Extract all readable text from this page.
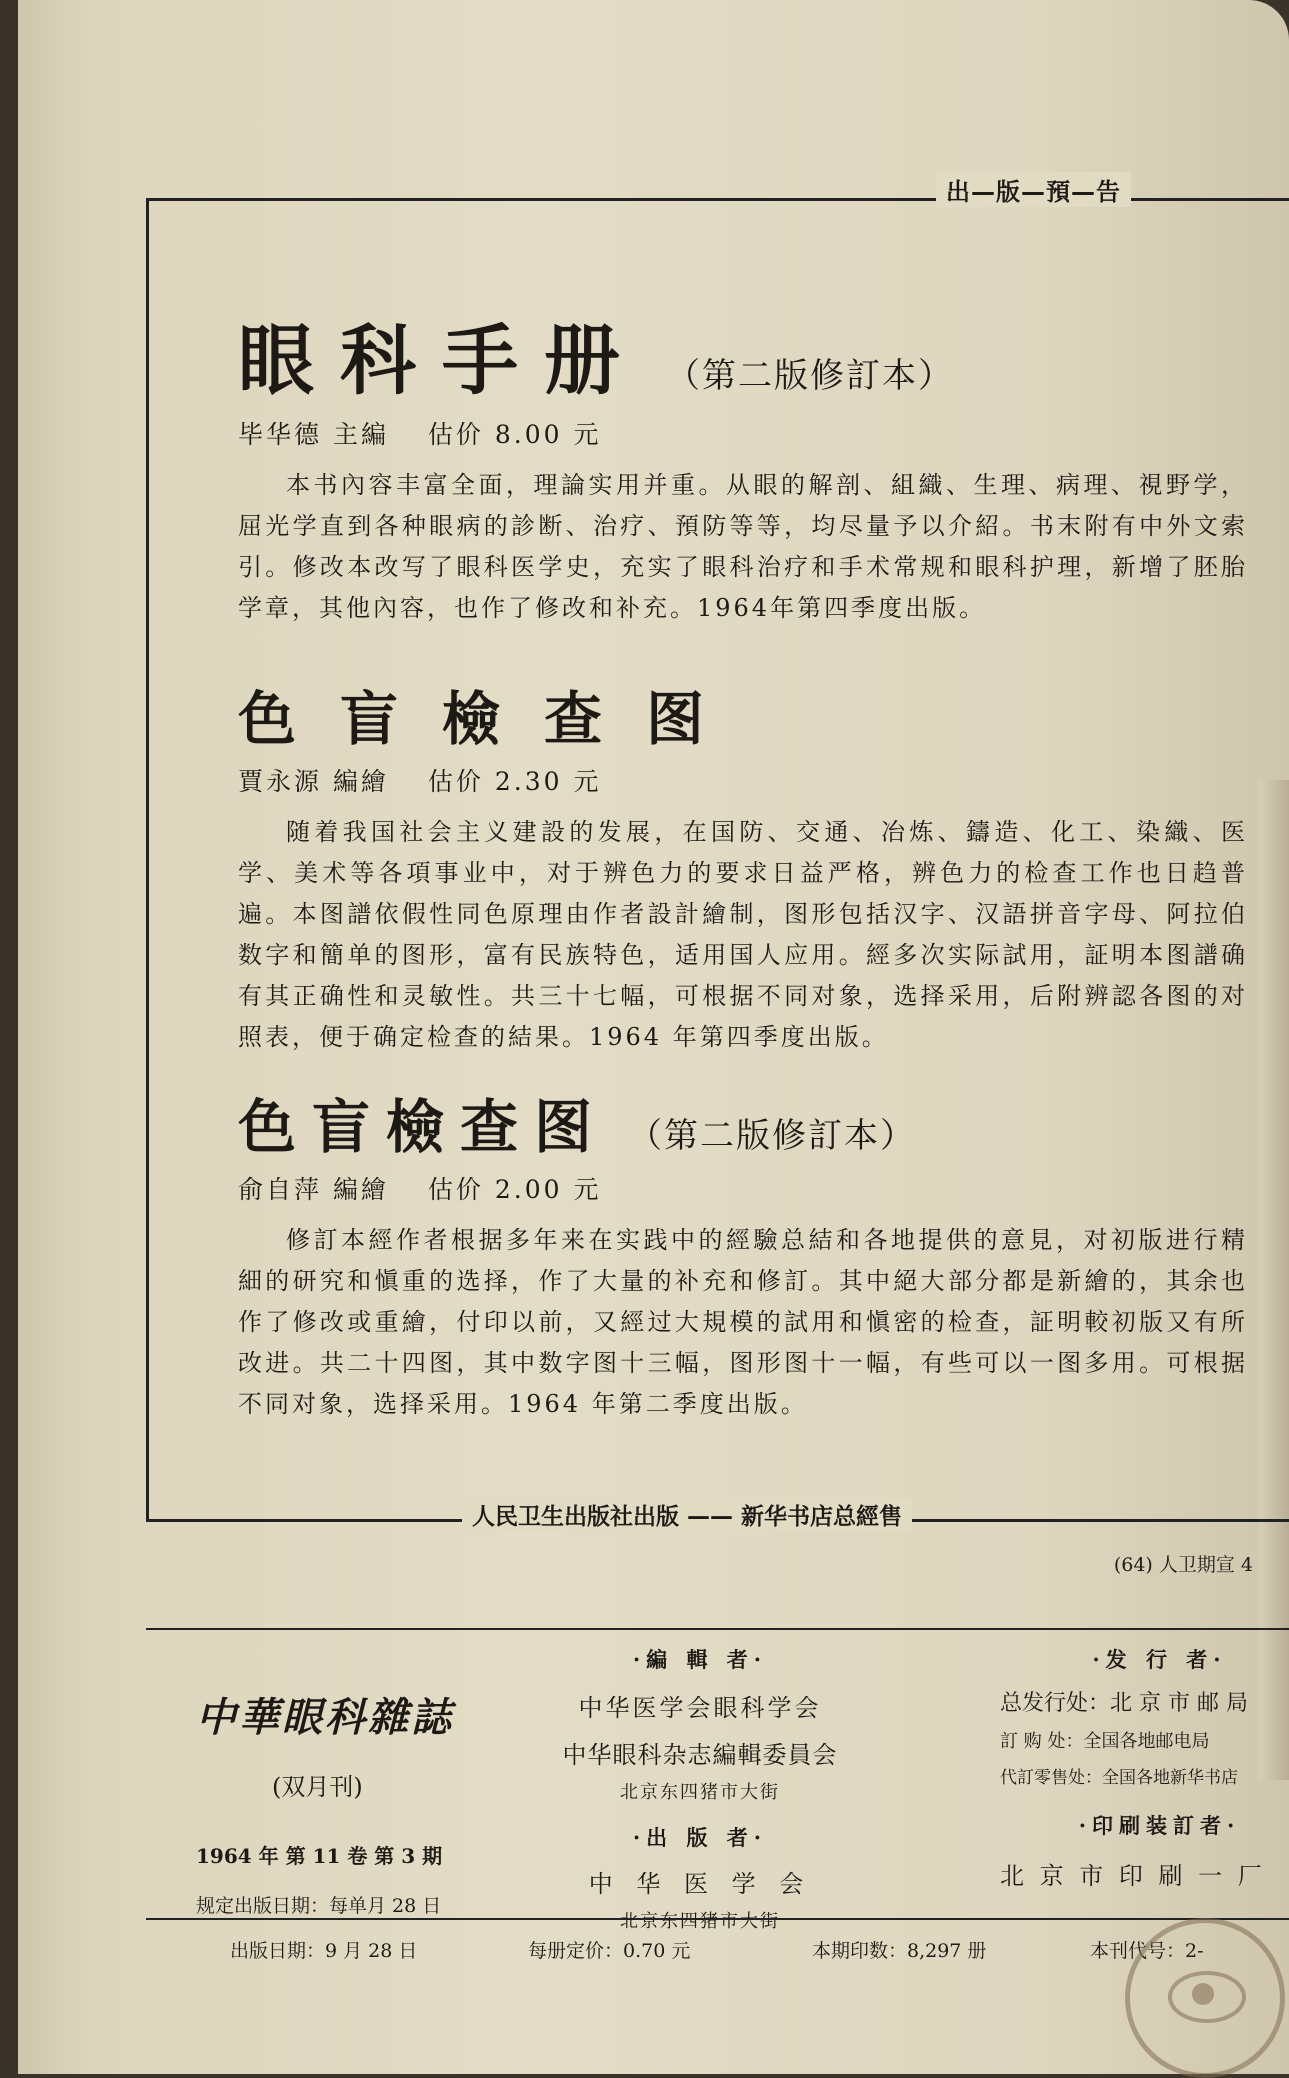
出—版—預—告
眼科手册 （第二版修訂本）
毕华德 主編 估价 8.00 元
本书內容丰富全面，理論实用并重。从眼的解剖、組織、生理、病理、視野学，屈光学直到各种眼病的診断、治疗、預防等等，均尽量予以介紹。书末附有中外文索引。修改本改写了眼科医学史，充实了眼科治疗和手术常规和眼科护理，新增了胚胎学章，其他內容，也作了修改和补充。1964年第四季度出版。
色盲檢查图
賈永源 編繪 估价 2.30 元
随着我国社会主义建設的发展，在国防、交通、冶炼、鑄造、化工、染織、医学、美术等各項事业中，对于辨色力的要求日益严格，辨色力的检查工作也日趋普遍。本图譜依假性同色原理由作者設計繪制，图形包括汉字、汉語拼音字母、阿拉伯数字和簡单的图形，富有民族特色，适用国人应用。經多次实际試用，証明本图譜确有其正确性和灵敏性。共三十七幅，可根据不同对象，选择采用，后附辨認各图的对照表，便于确定检查的結果。1964 年第四季度出版。
色盲檢查图 （第二版修訂本）
俞自萍 編繪 估价 2.00 元
修訂本經作者根据多年来在实践中的經驗总結和各地提供的意見，对初版进行精細的研究和愼重的选择，作了大量的补充和修訂。其中絕大部分都是新繪的，其余也作了修改或重繪，付印以前，又經过大規模的試用和愼密的检查，証明較初版又有所改进。共二十四图，其中数字图十三幅，图形图十一幅，有些可以一图多用。可根据不同对象，选择采用。1964 年第二季度出版。
人民卫生出版社出版 —— 新华书店总經售
(64) 人卫期宣 4
中華眼科雜誌
(双月刊)
1964 年 第 11 卷 第 3 期
规定出版日期：每单月 28 日
·編 輯 者·
中华医学会眼科学会
中华眼科杂志編輯委員会
北京东四猪市大街
·出 版 者·
中 华 医 学 会
北京东四猪市大街
·发 行 者·
总发行处：北 京 市 邮 局
訂 购 处：全国各地邮电局
代訂零售处：全国各地新华书店
·印刷装訂者·
北 京 市 印 刷 一 厂
出版日期：9 月 28 日	每册定价：0.70 元	本期印数：8,297 册	本刊代号：2-
